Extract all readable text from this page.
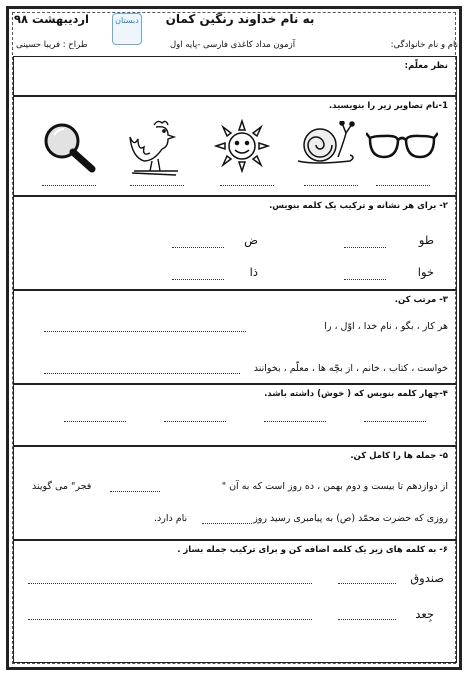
به نام خداوند رنگین کمان
اردیبهشت ۹۸	دبستان
نام و نام خانوادگی:
آزمون مداد کاغذی فارسی -پایه اول
طراح : فریبا حسینی
نظر معلّم:
1-نام تصاویر زیر را بنویسید.
۲- برای هر نشانه و ترکیب یک کلمه بنویس.
طو
ض
خوا
ذا
۳- مرتب کن.
هر کار ، بگو ، نام خدا ، اوّل ، را
خواست ، کتاب ، خانم ، از بچّه ها ، معلّم ، بخوانند
۴-چهار کلمه بنویس که ( خوش) داشته باشد.
۵- جمله ها را کامل کن.
از دوازدهم تا بیست و دوم بهمن ، ده روز است که به آن "
فجر" می گویند
روزی که حضرت محمّد (ص) به پیامبری رسید روز
نام دارد.
۶- به کلمه های زیر یک کلمه اضافه کن و برای ترکیب جمله بساز .
صندوق
جِعد
